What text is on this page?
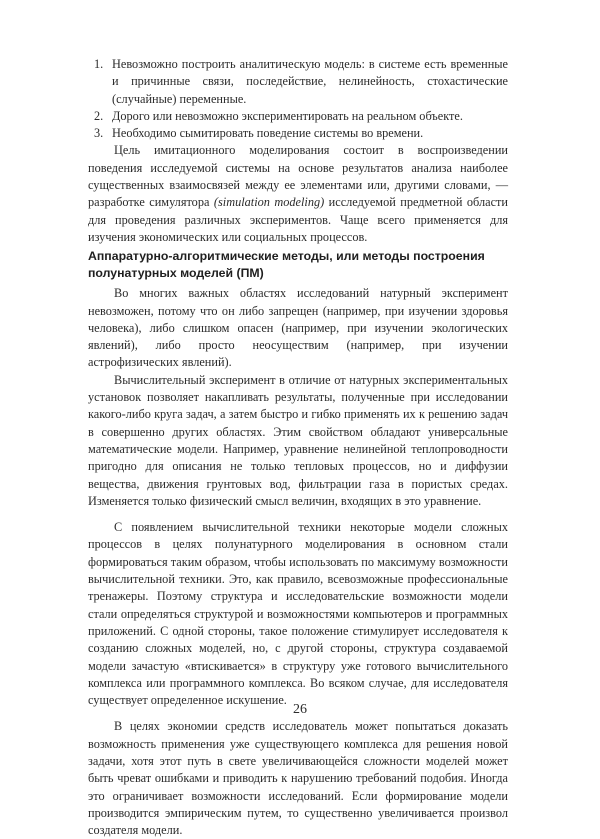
1. Невозможно построить аналитическую модель: в системе есть временные и причинные связи, последействие, нелинейность, стохастические (случайные) переменные.
2. Дорого или невозможно экспериментировать на реальном объекте.
3. Необходимо сымитировать поведение системы во времени.

Цель имитационного моделирования состоит в воспроизведении поведения исследуемой системы на основе результатов анализа наиболее существенных взаимосвязей между ее элементами или, другими словами, — разработке симулятора (simulation modeling) исследуемой предметной области для проведения различных экспериментов. Чаще всего применяется для изучения экономических или социальных процессов.

Аппаратурно-алгоритмические методы, или методы построения полунатурных моделей (ПМ)

Во многих важных областях исследований натурный эксперимент невозможен, потому что он либо запрещен (например, при изучении здоровья человека), либо слишком опасен (например, при изучении экологических явлений), либо просто неосуществим (например, при изучении астрофизических явлений).

Вычислительный эксперимент в отличие от натурных экспериментальных установок позволяет накапливать результаты, полученные при исследовании какого-либо круга задач, а затем быстро и гибко применять их к решению задач в совершенно других областях. Этим свойством обладают универсальные математические модели. Например, уравнение нелинейной теплопроводности пригодно для описания не только тепловых процессов, но и диффузии вещества, движения грунтовых вод, фильтрации газа в пористых средах. Изменяется только физический смысл величин, входящих в это уравнение.

С появлением вычислительной техники некоторые модели сложных процессов в целях полунатурного моделирования в основном стали формироваться таким образом, чтобы использовать по максимуму возможности вычислительной техники. Это, как правило, всевозможные профессиональные тренажеры. Поэтому структура и исследовательские возможности модели стали определяться структурой и возможностями компьютеров и программных приложений. С одной стороны, такое положение стимулирует исследователя к созданию сложных моделей, но, с другой стороны, структура создаваемой модели зачастую «втискивается» в структуру уже готового вычислительного комплекса или программного комплекса. Во всяком случае, для исследователя существует определенное искушение.

В целях экономии средств исследователь может попытаться доказать возможность применения уже существующего комплекса для решения новой задачи, хотя этот путь в свете увеличивающейся сложности моделей может быть чреват ошибками и приводить к нарушению требований подобия. Иногда это ограничивает возможности исследований. Если формирование модели производится эмпирическим путем, то существенно увеличивается произвол создателя модели.

26
